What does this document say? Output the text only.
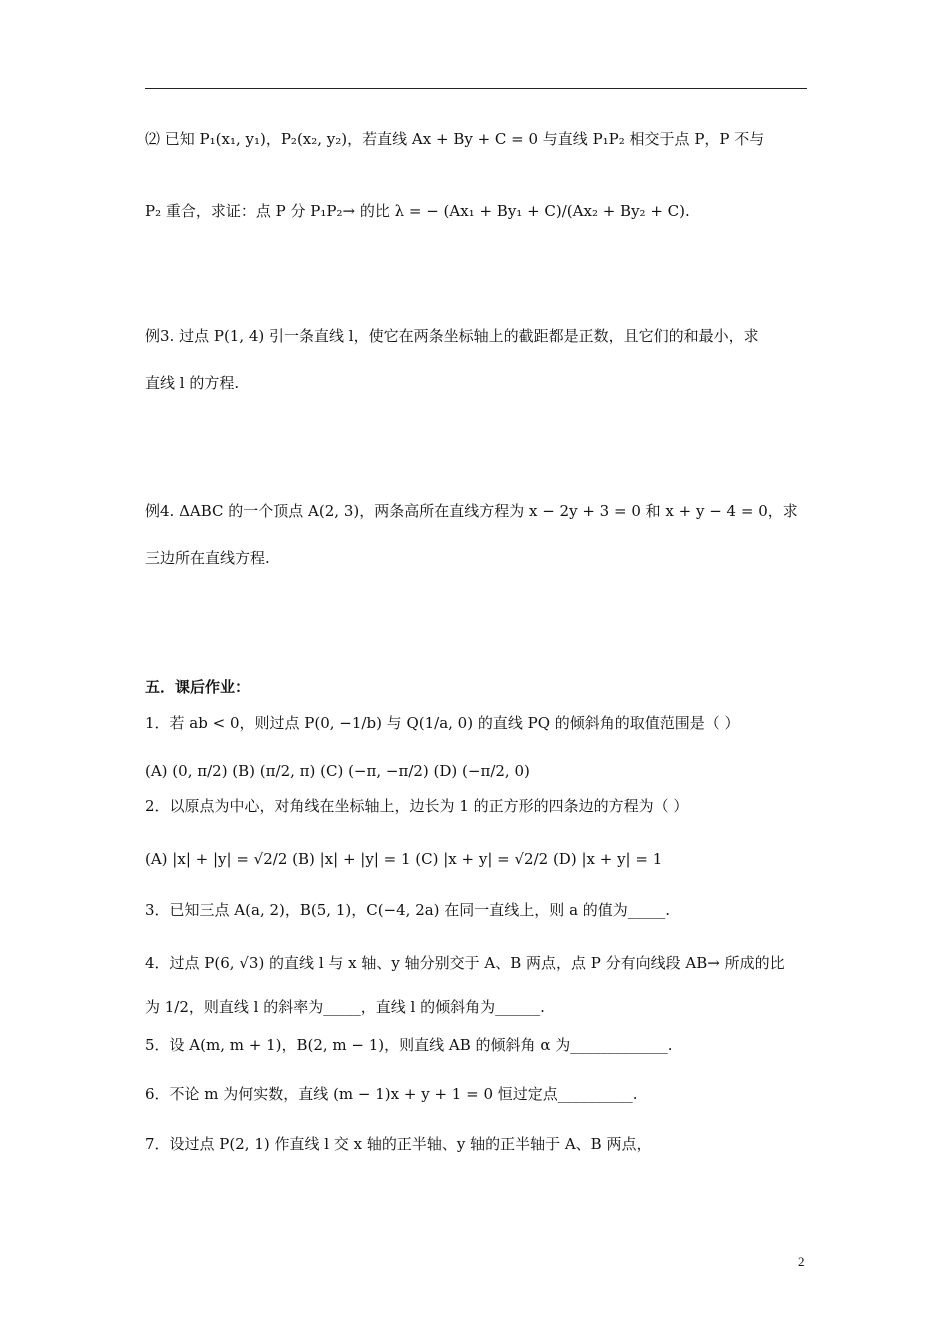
⑵ 已知 P₁(x₁, y₁)，P₂(x₂, y₂)，若直线 Ax + By + C = 0 与直线 P₁P₂ 相交于点 P，P 不与
P₂ 重合，求证：点 P 分 P₁P₂→ 的比 λ = − (Ax₁ + By₁ + C)/(Ax₂ + By₂ + C).
例3. 过点 P(1, 4) 引一条直线 l，使它在两条坐标轴上的截距都是正数，且它们的和最小，求
直线 l 的方程.
例4. ΔABC 的一个顶点 A(2, 3)，两条高所在直线方程为 x − 2y + 3 = 0 和 x + y − 4 = 0，求
三边所在直线方程.
五．课后作业：
1．若 ab < 0，则过点 P(0, −1/b) 与 Q(1/a, 0) 的直线 PQ 的倾斜角的取值范围是（ ）
(A) (0, π/2) (B) (π/2, π) (C) (−π, −π/2) (D) (−π/2, 0)
2．以原点为中心，对角线在坐标轴上，边长为 1 的正方形的四条边的方程为（ ）
(A) |x| + |y| = √2/2 (B) |x| + |y| = 1 (C) |x + y| = √2/2 (D) |x + y| = 1
3．已知三点 A(a, 2)，B(5, 1)，C(−4, 2a) 在同一直线上，则 a 的值为_____.
4．过点 P(6, √3) 的直线 l 与 x 轴、y 轴分别交于 A、B 两点，点 P 分有向线段 AB→ 所成的比
为 1/2，则直线 l 的斜率为_____，直线 l 的倾斜角为______.
5．设 A(m, m + 1)，B(2, m − 1)，则直线 AB 的倾斜角 α 为_____________.
6．不论 m 为何实数，直线 (m − 1)x + y + 1 = 0 恒过定点__________.
7．设过点 P(2, 1) 作直线 l 交 x 轴的正半轴、y 轴的正半轴于 A、B 两点，
2
